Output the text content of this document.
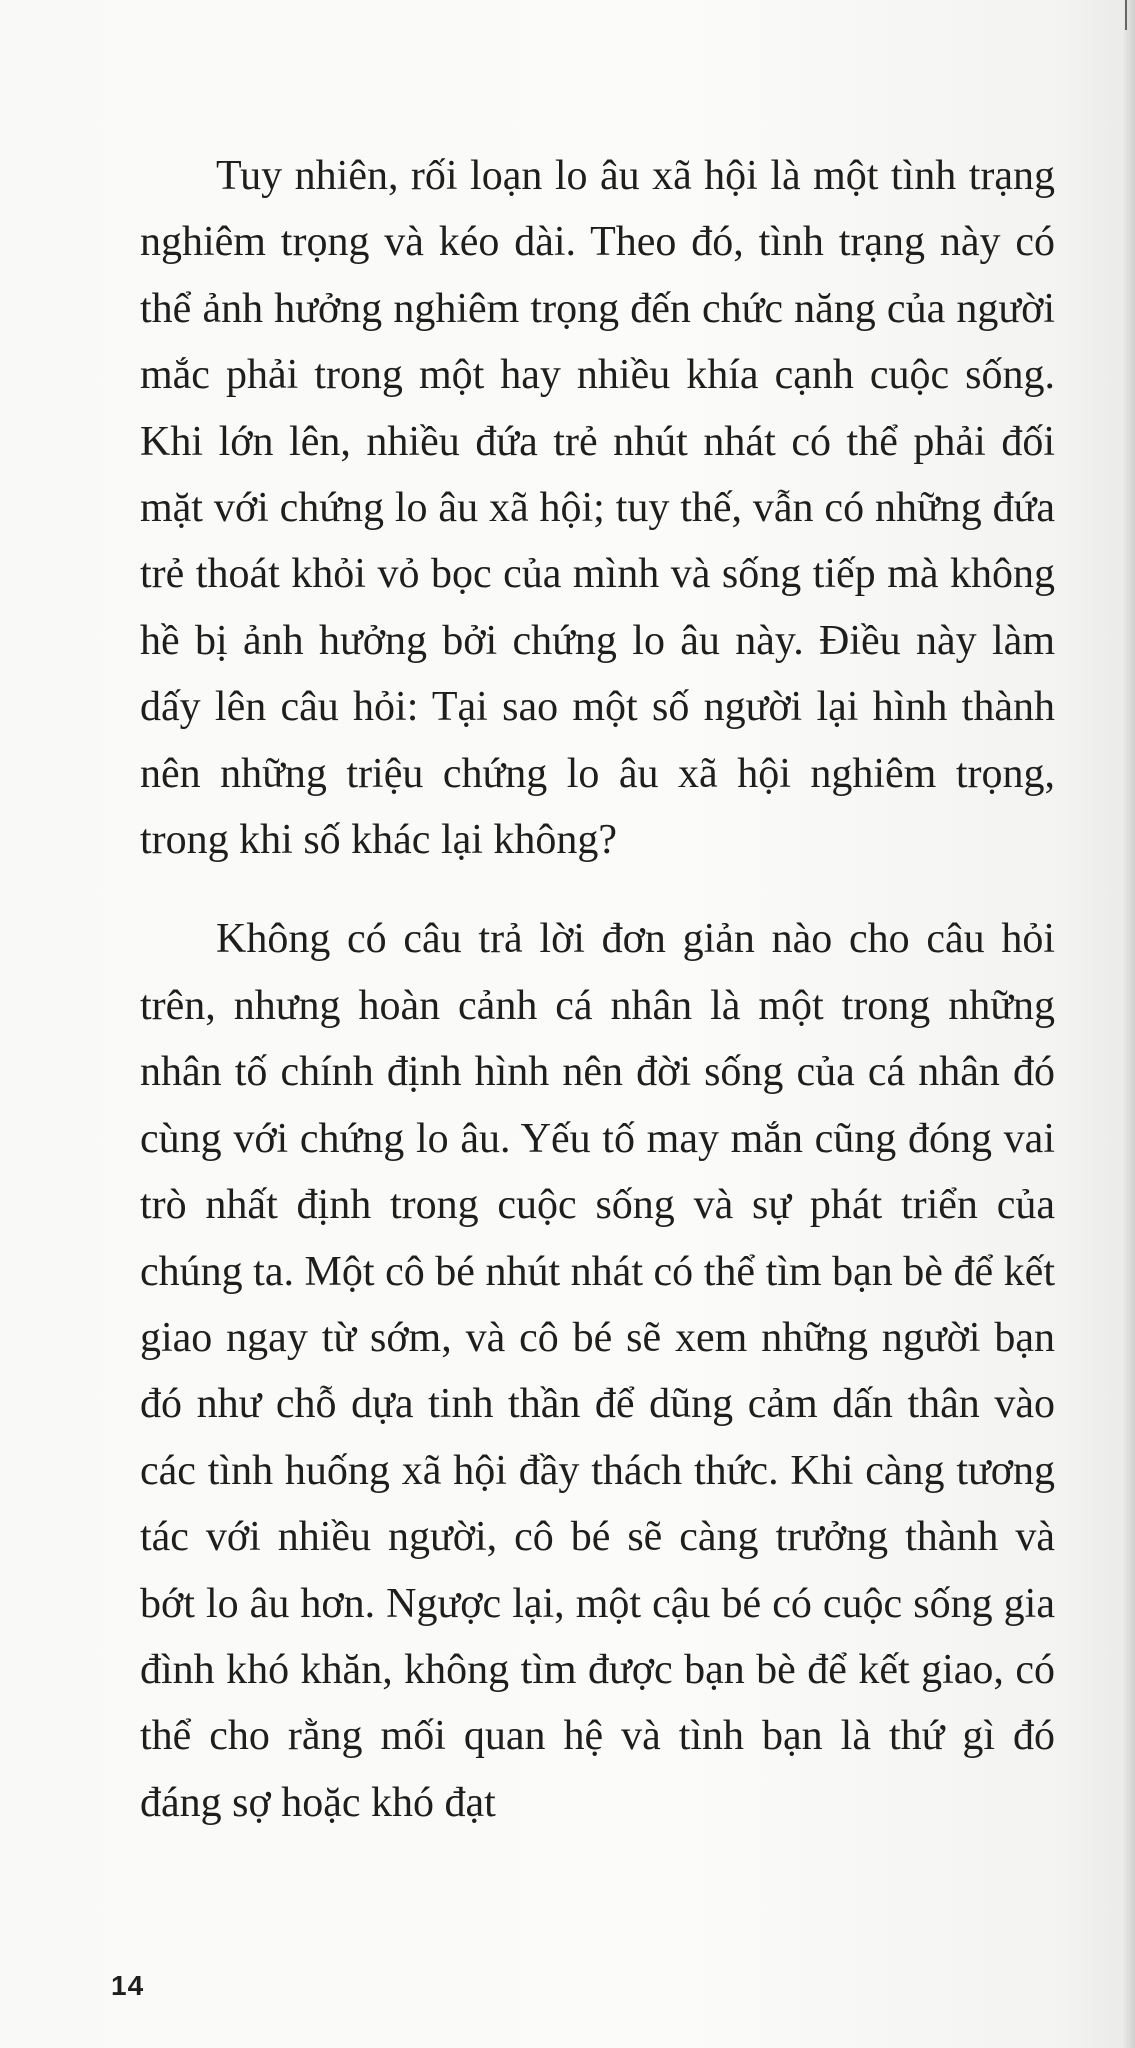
Tuy nhiên, rối loạn lo âu xã hội là một tình trạng nghiêm trọng và kéo dài. Theo đó, tình trạng này có thể ảnh hưởng nghiêm trọng đến chức năng của người mắc phải trong một hay nhiều khía cạnh cuộc sống. Khi lớn lên, nhiều đứa trẻ nhút nhát có thể phải đối mặt với chứng lo âu xã hội; tuy thế, vẫn có những đứa trẻ thoát khỏi vỏ bọc của mình và sống tiếp mà không hề bị ảnh hưởng bởi chứng lo âu này. Điều này làm dấy lên câu hỏi: Tại sao một số người lại hình thành nên những triệu chứng lo âu xã hội nghiêm trọng, trong khi số khác lại không?

Không có câu trả lời đơn giản nào cho câu hỏi trên, nhưng hoàn cảnh cá nhân là một trong những nhân tố chính định hình nên đời sống của cá nhân đó cùng với chứng lo âu. Yếu tố may mắn cũng đóng vai trò nhất định trong cuộc sống và sự phát triển của chúng ta. Một cô bé nhút nhát có thể tìm bạn bè để kết giao ngay từ sớm, và cô bé sẽ xem những người bạn đó như chỗ dựa tinh thần để dũng cảm dấn thân vào các tình huống xã hội đầy thách thức. Khi càng tương tác với nhiều người, cô bé sẽ càng trưởng thành và bớt lo âu hơn. Ngược lại, một cậu bé có cuộc sống gia đình khó khăn, không tìm được bạn bè để kết giao, có thể cho rằng mối quan hệ và tình bạn là thứ gì đó đáng sợ hoặc khó đạt

14
